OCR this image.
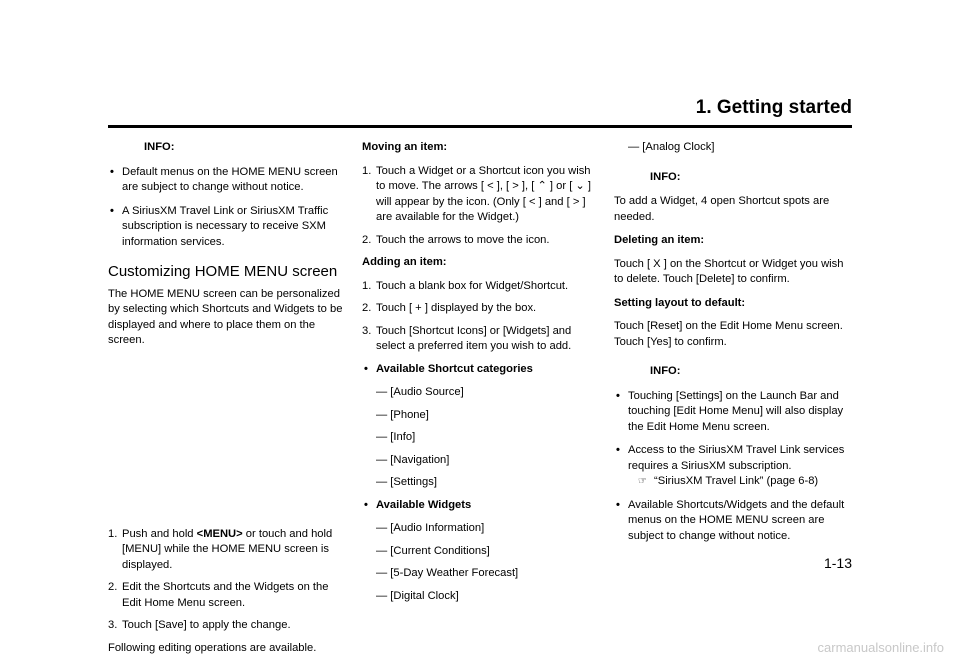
1. Getting started
INFO:
• Default menus on the HOME MENU screen are subject to change without notice.
• A SiriusXM Travel Link or SiriusXM Traffic subscription is necessary to receive SXM information services.
Customizing HOME MENU screen

The HOME MENU screen can be personalized by selecting which Shortcuts and Widgets to be displayed and where to place them on the screen.

1. Push and hold <MENU> or touch and hold [MENU] while the HOME MENU screen is displayed.
2. Edit the Shortcuts and the Widgets on the Edit Home Menu screen.
3. Touch [Save] to apply the change.

Following editing operations are available.

Moving an item:
1. Touch a Widget or a Shortcut icon you wish to move. The arrows [ < ], [ > ], [ ⌃ ] or [ ⌄ ] will appear by the icon. (Only [ < ] and [ > ] are available for the Widget.)
2. Touch the arrows to move the icon.
Adding an item:
1. Touch a blank box for Widget/Shortcut.
2. Touch [ + ] displayed by the box.
3. Touch [Shortcut Icons] or [Widgets] and select a preferred item you wish to add.
• Available Shortcut categories
— [Audio Source]
— [Phone]
— [Info]
— [Navigation]
— [Settings]
• Available Widgets
— [Audio Information]
— [Current Conditions]
— [5-Day Weather Forecast]
— [Digital Clock]
— [Analog Clock]
INFO:

To add a Widget, 4 open Shortcut spots are needed.

Deleting an item:

Touch [ X ] on the Shortcut or Widget you wish to delete. Touch [Delete] to confirm.

Setting layout to default:

Touch [Reset] on the Edit Home Menu screen. Touch [Yes] to confirm.

INFO:
• Touching [Settings] on the Launch Bar and touching [Edit Home Menu] will also display the Edit Home Menu screen.
• Access to the SiriusXM Travel Link services requires a SiriusXM subscription.
☞ “SiriusXM Travel Link” (page 6-8)
• Available Shortcuts/Widgets and the default menus on the HOME MENU screen are subject to change without notice.
1-13
carmanualsonline.info
